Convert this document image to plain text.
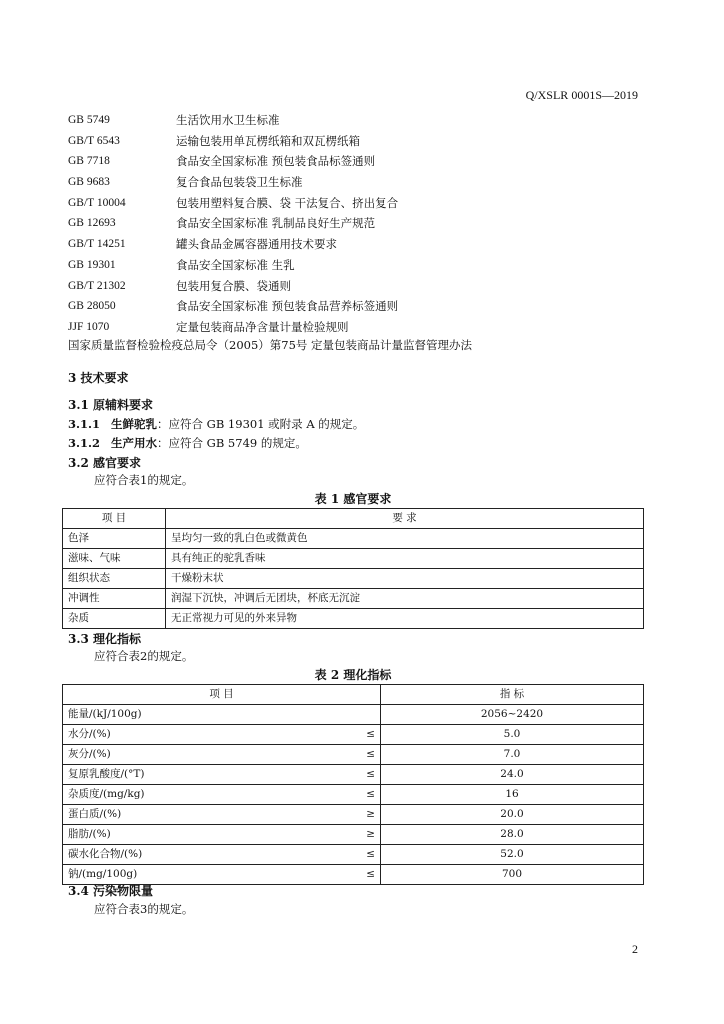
Q/XSLR 0001S—2019
GB 5749	生活饮用水卫生标准
GB/T 6543	运输包装用单瓦楞纸箱和双瓦楞纸箱
GB 7718	食品安全国家标准 预包装食品标签通则
GB 9683	复合食品包装袋卫生标准
GB/T 10004	包装用塑料复合膜、袋 干法复合、挤出复合
GB 12693	食品安全国家标准 乳制品良好生产规范
GB/T 14251	罐头食品金属容器通用技术要求
GB 19301	食品安全国家标准 生乳
GB/T 21302	包装用复合膜、袋通则
GB 28050	食品安全国家标准 预包装食品营养标签通则
JJF 1070	定量包装商品净含量计量检验规则
国家质量监督检验检疫总局令（2005）第75号 定量包装商品计量监督管理办法
3 技术要求
3.1 原辅料要求
3.1.1 生鲜驼乳：应符合 GB 19301 或附录 A 的规定。
3.1.2 生产用水：应符合 GB 5749 的规定。
3.2 感官要求
应符合表1的规定。
表 1 感官要求
项 目	要 求
色泽	呈均匀一致的乳白色或微黄色
滋味、气味	具有纯正的驼乳香味
组织状态	干燥粉末状
冲调性	润湿下沉快，冲调后无团块，杯底无沉淀
杂质	无正常视力可见的外来异物
3.3 理化指标
应符合表2的规定。
表 2 理化指标
项 目		指 标
能量/(kJ/100g)		2056~2420
水分/(%)	≤	5.0
灰分/(%)	≤	7.0
复原乳酸度/(°T)	≤	24.0
杂质度/(mg/kg)	≤	16
蛋白质/(%)	≥	20.0
脂肪/(%)	≥	28.0
碳水化合物/(%)	≤	52.0
钠/(mg/100g)	≤	700
3.4 污染物限量
应符合表3的规定。
2
